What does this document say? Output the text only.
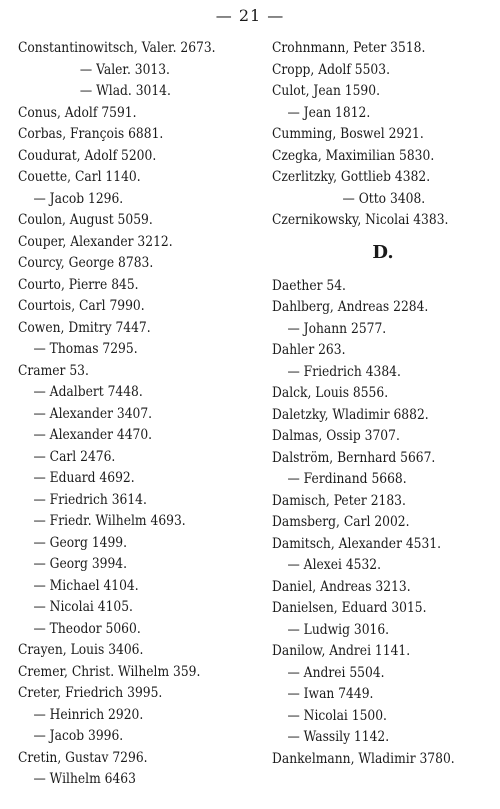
— 21 —
Constantinowitsch, Valer. 2673.
— Valer. 3013.
— Wlad. 3014.
Conus, Adolf 7591.
Corbas, François 6881.
Coudurat, Adolf 5200.
Couette, Carl 1140.
— Jacob 1296.
Coulon, August 5059.
Couper, Alexander 3212.
Courcy, George 8783.
Courto, Pierre 845.
Courtois, Carl 7990.
Cowen, Dmitry 7447.
— Thomas 7295.
Cramer 53.
— Adalbert 7448.
— Alexander 3407.
— Alexander 4470.
— Carl 2476.
— Eduard 4692.
— Friedrich 3614.
— Friedr. Wilhelm 4693.
— Georg 1499.
— Georg 3994.
— Michael 4104.
— Nicolai 4105.
— Theodor 5060.
Crayen, Louis 3406.
Cremer, Christ. Wilhelm 359.
Creter, Friedrich 3995.
— Heinrich 2920.
— Jacob 3996.
Cretin, Gustav 7296.
— Wilhelm 6463
Crohnmann, Peter 3518.
Cropp, Adolf 5503.
Culot, Jean 1590.
— Jean 1812.
Cumming, Boswel 2921.
Czegka, Maximilian 5830.
Czerlitzky, Gottlieb 4382.
— Otto 3408.
Czernikowsky, Nicolai 4383.
D.
Daether 54.
Dahlberg, Andreas 2284.
— Johann 2577.
Dahler 263.
— Friedrich 4384.
Dalck, Louis 8556.
Daletzky, Wladimir 6882.
Dalmas, Ossip 3707.
Dalström, Bernhard 5667.
— Ferdinand 5668.
Damisch, Peter 2183.
Damsberg, Carl 2002.
Damitsch, Alexander 4531.
— Alexei 4532.
Daniel, Andreas 3213.
Danielsen, Eduard 3015.
— Ludwig 3016.
Danilow, Andrei 1141.
— Andrei 5504.
— Iwan 7449.
— Nicolai 1500.
— Wassily 1142.
Dankelmann, Wladimir 3780.
